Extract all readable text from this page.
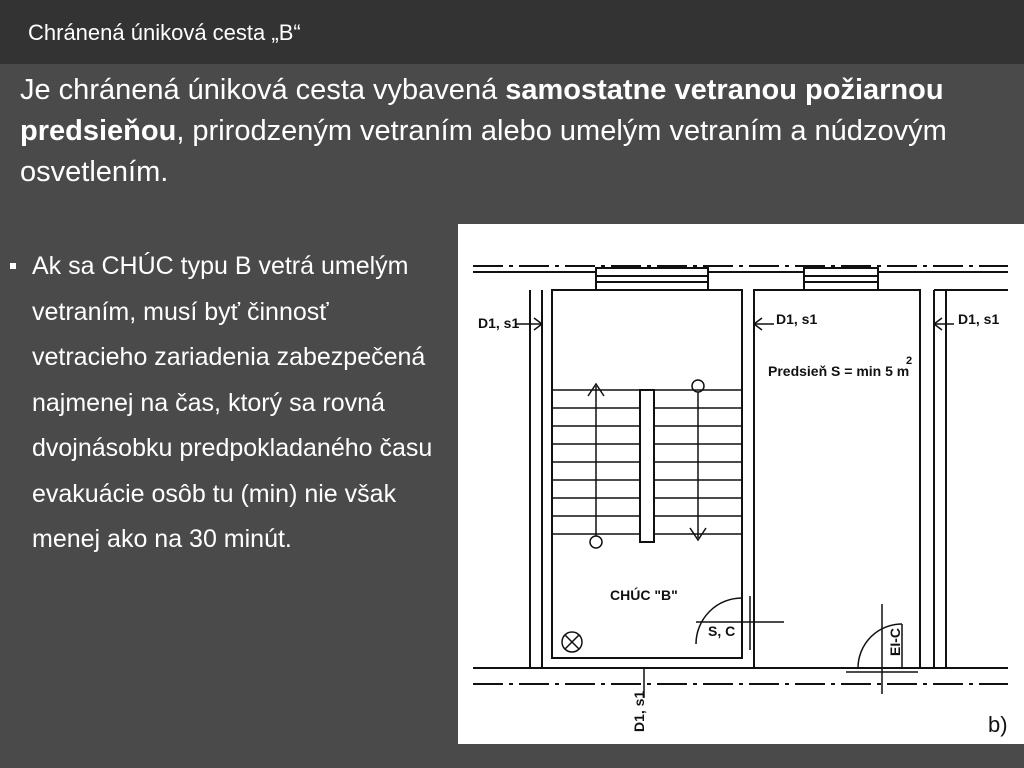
Chránená úniková cesta „B“
Je chránená úniková cesta vybavená samostatne vetranou požiarnou predsieňou, prirodzeným vetraním alebo umelým vetraním a núdzovým osvetlením.
Ak sa CHÚC typu B vetrá umelým vetraním, musí byť činnosť vetracieho zariadenia zabezpečená najmenej na čas, ktorý sa rovná dvojnásobku predpokladaného času evakuácie osôb tu (min) nie však menej ako na 30 minút.
D1, s1	D1, s1	D1, s1
Predsieň S = min 5 m
2
CHÚC "B"
S, C	EI-C
D1, s1	b)
